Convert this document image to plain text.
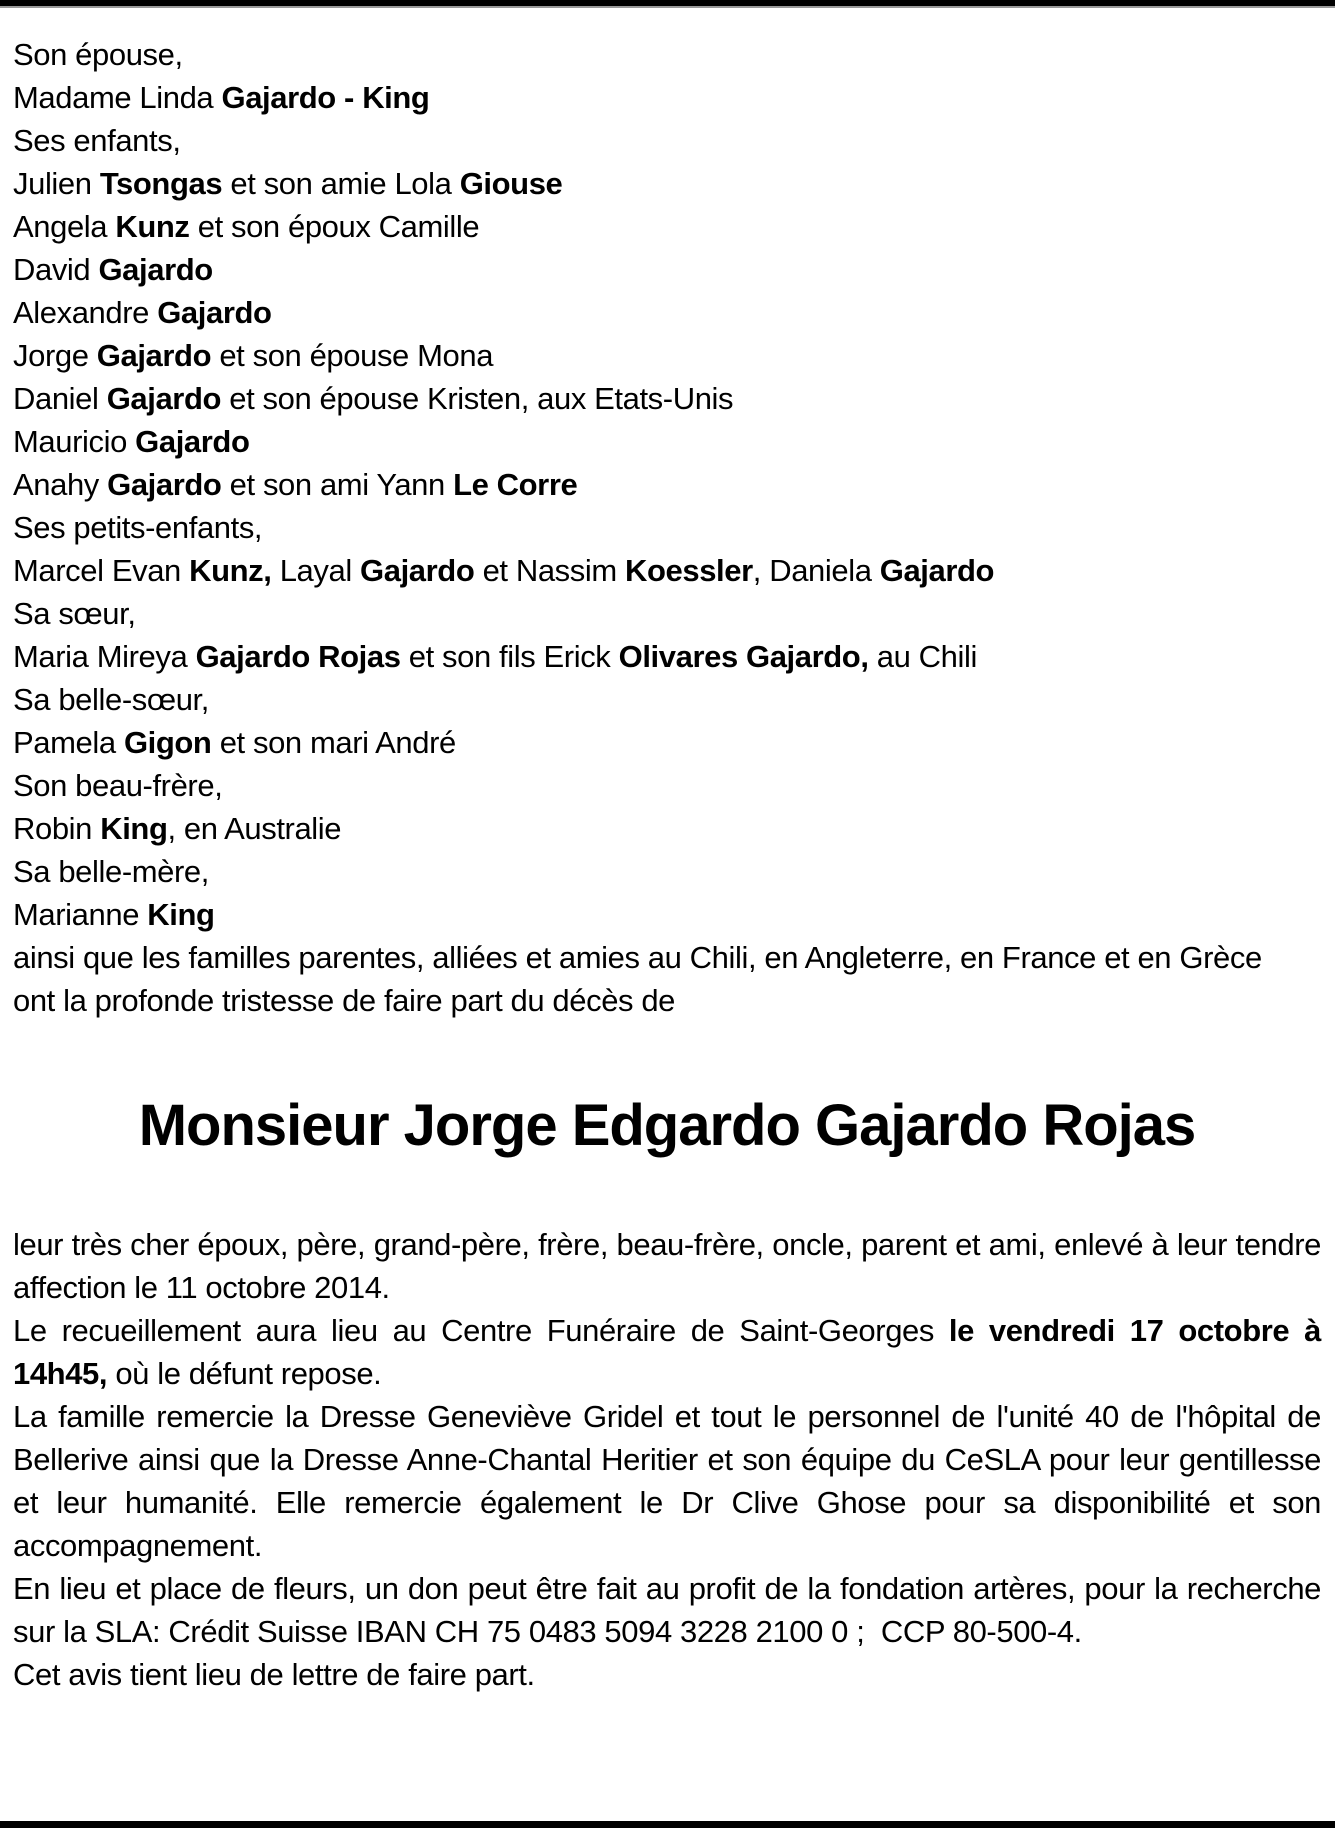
Son épouse,
Madame Linda Gajardo - King
Ses enfants,
Julien Tsongas et son amie Lola Giouse
Angela Kunz et son époux Camille
David Gajardo
Alexandre Gajardo
Jorge Gajardo et son épouse Mona
Daniel Gajardo et son épouse Kristen, aux Etats-Unis
Mauricio Gajardo
Anahy Gajardo et son ami Yann Le Corre
Ses petits-enfants,
Marcel Evan Kunz, Layal Gajardo et Nassim Koessler, Daniela Gajardo
Sa sœur,
Maria Mireya Gajardo Rojas et son fils Erick Olivares Gajardo, au Chili
Sa belle-sœur,
Pamela Gigon et son mari André
Son beau-frère,
Robin King, en Australie
Sa belle-mère,
Marianne King
ainsi que les familles parentes, alliées et amies au Chili, en Angleterre, en France et en Grèce
ont la profonde tristesse de faire part du décès de
Monsieur Jorge Edgardo Gajardo Rojas
leur très cher époux, père, grand-père, frère, beau-frère, oncle, parent et ami, enlevé à leur tendre affection le 11 octobre 2014.
Le recueillement aura lieu au Centre Funéraire de Saint-Georges le vendredi 17 octobre à 14h45, où le défunt repose.
La famille remercie la Dresse Geneviève Gridel et tout le personnel de l'unité 40 de l'hôpital de Bellerive ainsi que la Dresse Anne-Chantal Heritier et son équipe du CeSLA pour leur gentillesse et leur humanité. Elle remercie également le Dr Clive Ghose pour sa disponibilité et son accompagnement.
En lieu et place de fleurs, un don peut être fait au profit de la fondation artères, pour la recherche sur la SLA: Crédit Suisse IBAN CH 75 0483 5094 3228 2100 0 ;  CCP 80-500-4.
Cet avis tient lieu de lettre de faire part.
